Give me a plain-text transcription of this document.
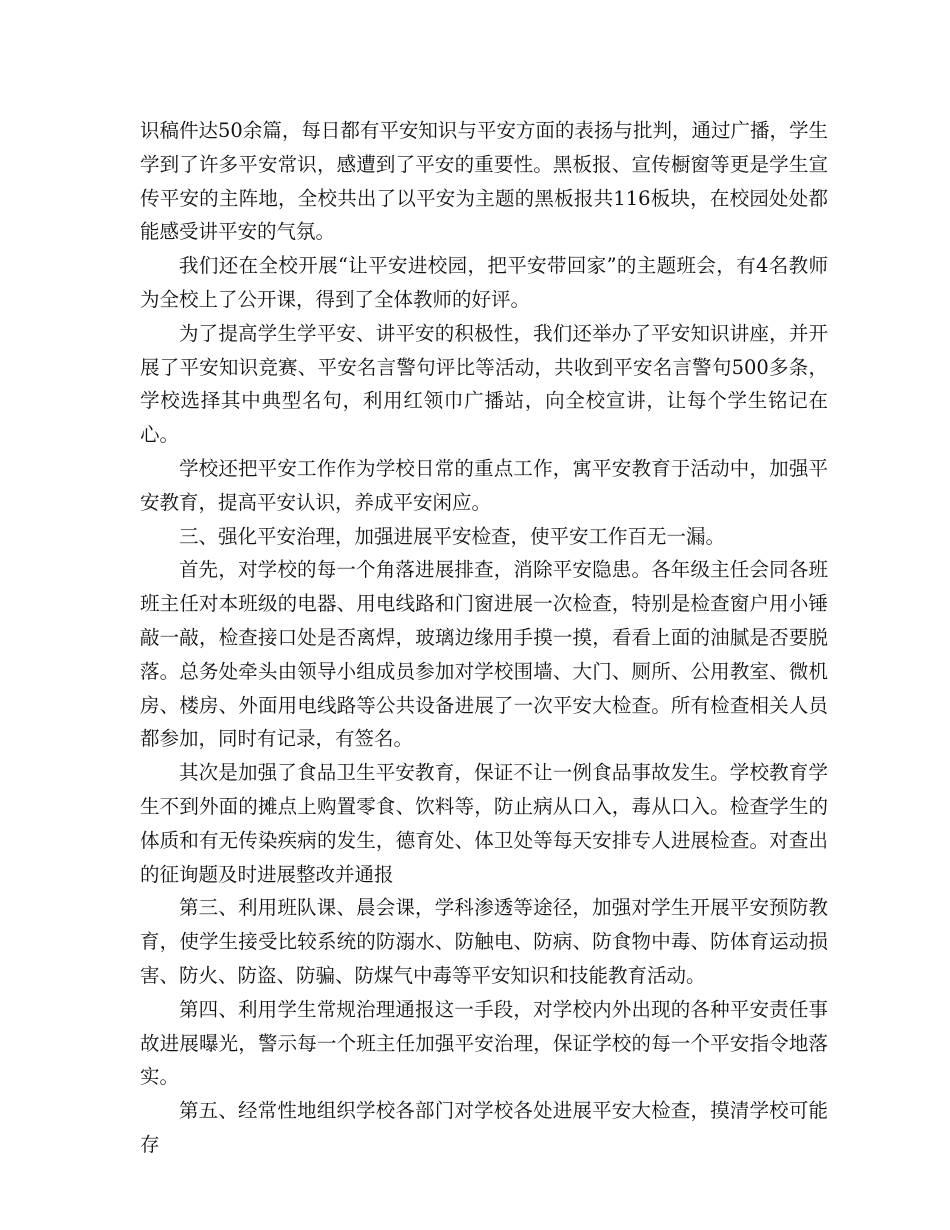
识稿件达50余篇，每日都有平安知识与平安方面的表扬与批判，通过广播，学生学到了许多平安常识，感遭到了平安的重要性。黑板报、宣传橱窗等更是学生宣传平安的主阵地，全校共出了以平安为主题的黑板报共116板块，在校园处处都能感受讲平安的气氛。

我们还在全校开展“让平安进校园，把平安带回家”的主题班会，有4名教师为全校上了公开课，得到了全体教师的好评。

为了提高学生学平安、讲平安的积极性，我们还举办了平安知识讲座，并开展了平安知识竞赛、平安名言警句评比等活动，共收到平安名言警句500多条，学校选择其中典型名句，利用红领巾广播站，向全校宣讲，让每个学生铭记在心。

学校还把平安工作作为学校日常的重点工作，寓平安教育于活动中，加强平安教育，提高平安认识，养成平安闲应。

三、强化平安治理，加强进展平安检查，使平安工作百无一漏。

首先，对学校的每一个角落进展排查，消除平安隐患。各年级主任会同各班班主任对本班级的电器、用电线路和门窗进展一次检查，特别是检查窗户用小锤敲一敲，检查接口处是否离焊，玻璃边缘用手摸一摸，看看上面的油腻是否要脱落。总务处牵头由领导小组成员参加对学校围墙、大门、厕所、公用教室、微机房、楼房、外面用电线路等公共设备进展了一次平安大检查。所有检查相关人员都参加，同时有记录，有签名。

其次是加强了食品卫生平安教育，保证不让一例食品事故发生。学校教育学生不到外面的摊点上购置零食、饮料等，防止病从口入，毒从口入。检查学生的体质和有无传染疾病的发生，德育处、体卫处等每天安排专人进展检查。对查出的征询题及时进展整改并通报

第三、利用班队课、晨会课，学科渗透等途径，加强对学生开展平安预防教育，使学生接受比较系统的防溺水、防触电、防病、防食物中毒、防体育运动损害、防火、防盗、防骗、防煤气中毒等平安知识和技能教育活动。

第四、利用学生常规治理通报这一手段，对学校内外出现的各种平安责任事故进展曝光，警示每一个班主任加强平安治理，保证学校的每一个平安指令地落实。

第五、经常性地组织学校各部门对学校各处进展平安大检查，摸清学校可能存
